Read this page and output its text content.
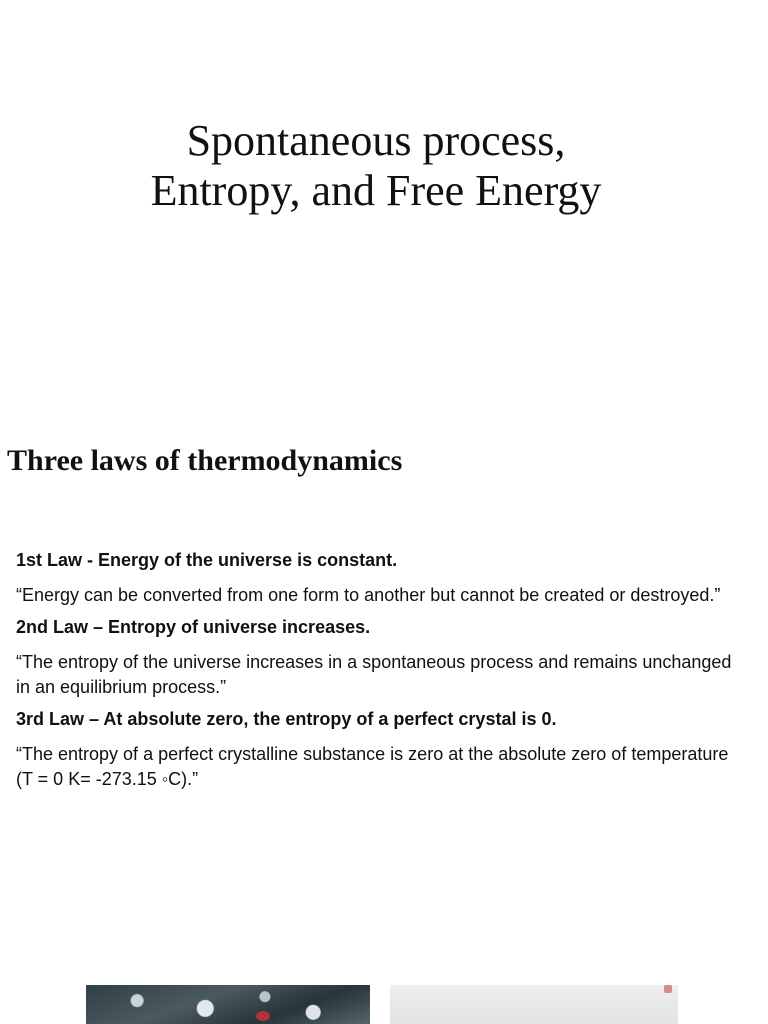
Spontaneous process,
Entropy, and Free Energy
Three laws of thermodynamics

1st Law - Energy of the universe is constant.

“Energy can be converted from one form to another but cannot be created or destroyed.”

2nd Law – Entropy of universe increases.

“The entropy of the universe increases in a spontaneous process and remains unchanged in an equilibrium process.”

3rd Law – At absolute zero, the entropy of a perfect crystal is 0.

“The entropy of a perfect crystalline substance is zero at the absolute zero of temperature (T = 0 K= -273.15 ◦C).”
